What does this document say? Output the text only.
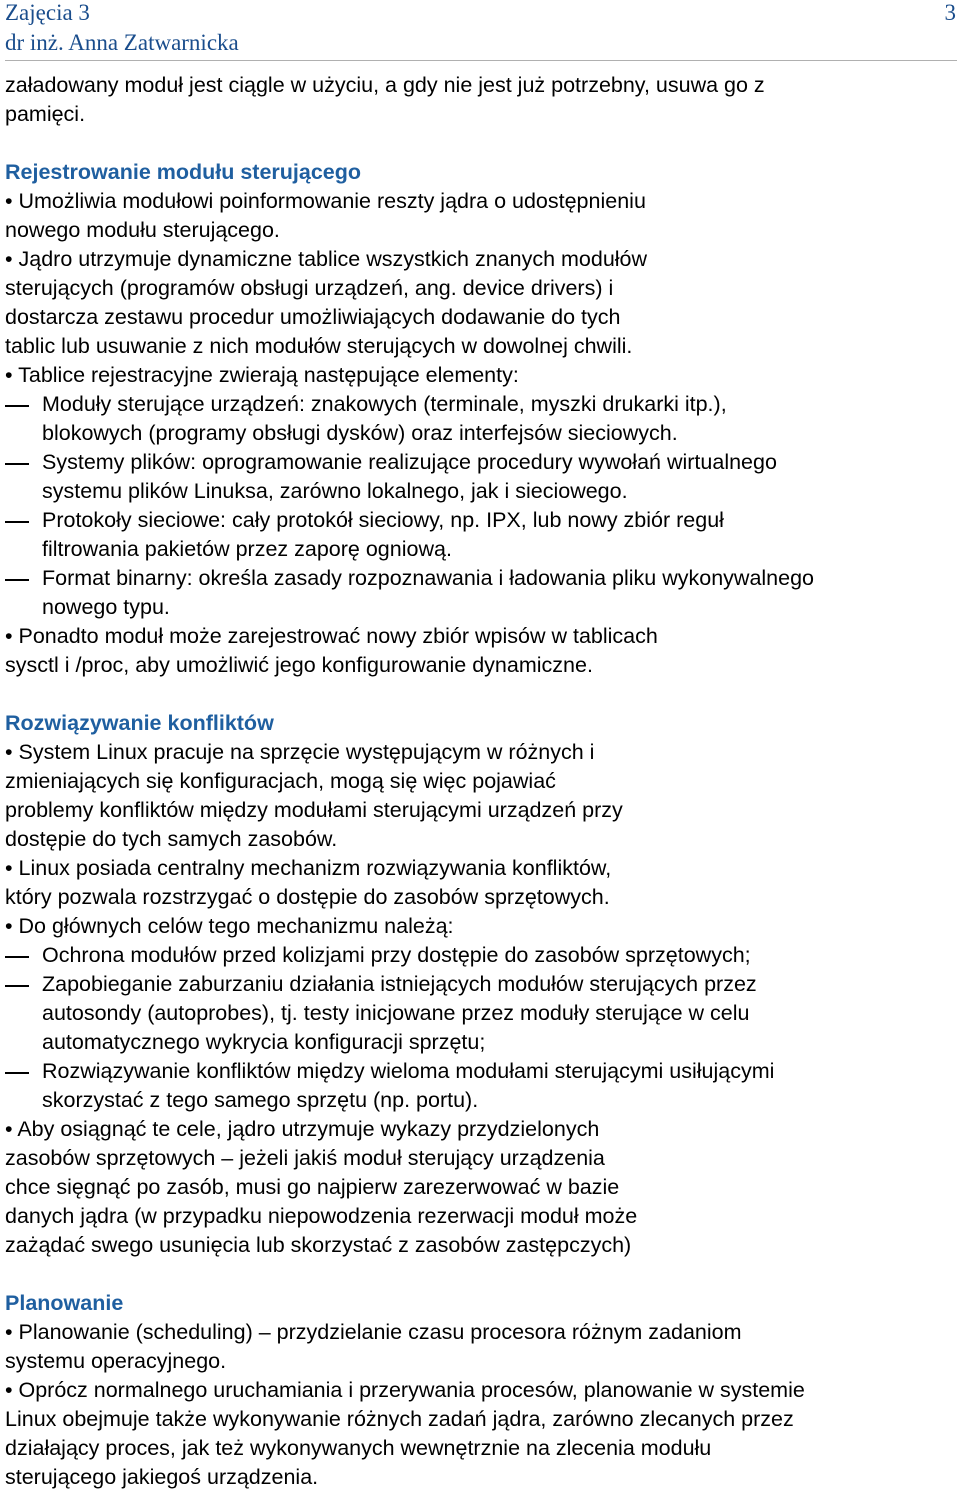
Zajęcia 3
dr inż. Anna Zatwarnicka
3
załadowany moduł jest ciągle w użyciu, a gdy nie jest już potrzebny, usuwa go z
pamięci.
Rejestrowanie modułu sterującego
• Umożliwia modułowi poinformowanie reszty jądra o udostępnieniu
nowego modułu sterującego.
• Jądro utrzymuje dynamiczne tablice wszystkich znanych modułów
sterujących (programów obsługi urządzeń, ang. device drivers) i
dostarcza zestawu procedur umożliwiających dodawanie do tych
tablic lub usuwanie z nich modułów sterujących w dowolnej chwili.
• Tablice rejestracyjne zwierają następujące elementy:
Moduły sterujące urządzeń: znakowych (terminale, myszki drukarki itp.),
blokowych (programy obsługi dysków) oraz interfejsów sieciowych.
Systemy plików: oprogramowanie realizujące procedury wywołań wirtualnego
systemu plików Linuksa, zarówno lokalnego, jak i sieciowego.
Protokoły sieciowe: cały protokół sieciowy, np. IPX, lub nowy zbiór reguł
filtrowania pakietów przez zaporę ogniową.
Format binarny: określa zasady rozpoznawania i ładowania pliku wykonywalnego
nowego typu.
• Ponadto moduł może zarejestrować nowy zbiór wpisów w tablicach
sysctl i /proc, aby umożliwić jego konfigurowanie dynamiczne.
Rozwiązywanie konfliktów
• System Linux pracuje na sprzęcie występującym w różnych i
zmieniających się konfiguracjach, mogą się więc pojawiać
problemy konfliktów między modułami sterującymi urządzeń przy
dostępie do tych samych zasobów.
• Linux posiada centralny mechanizm rozwiązywania konfliktów,
który pozwala rozstrzygać o dostępie do zasobów sprzętowych.
• Do głównych celów tego mechanizmu należą:
Ochrona modułów przed kolizjami przy dostępie do zasobów sprzętowych;
Zapobieganie zaburzaniu działania istniejących modułów sterujących przez
autosondy (autoprobes), tj. testy inicjowane przez moduły sterujące w celu
automatycznego wykrycia konfiguracji sprzętu;
Rozwiązywanie konfliktów między wieloma modułami sterującymi usiłującymi
skorzystać z tego samego sprzętu (np. portu).
• Aby osiągnąć te cele, jądro utrzymuje wykazy przydzielonych
zasobów sprzętowych – jeżeli jakiś moduł sterujący urządzenia
chce sięgnąć po zasób, musi go najpierw zarezerwować w bazie
danych jądra (w przypadku niepowodzenia rezerwacji moduł może
zażądać swego usunięcia lub skorzystać z zasobów zastępczych)
Planowanie
• Planowanie (scheduling) – przydzielanie czasu procesora różnym zadaniom
systemu operacyjnego.
• Oprócz normalnego uruchamiania i przerywania procesów, planowanie w systemie
Linux obejmuje także wykonywanie różnych zadań jądra, zarówno zlecanych przez
działający proces, jak też wykonywanych wewnętrznie na zlecenia modułu
sterującego jakiegoś urządzenia.
